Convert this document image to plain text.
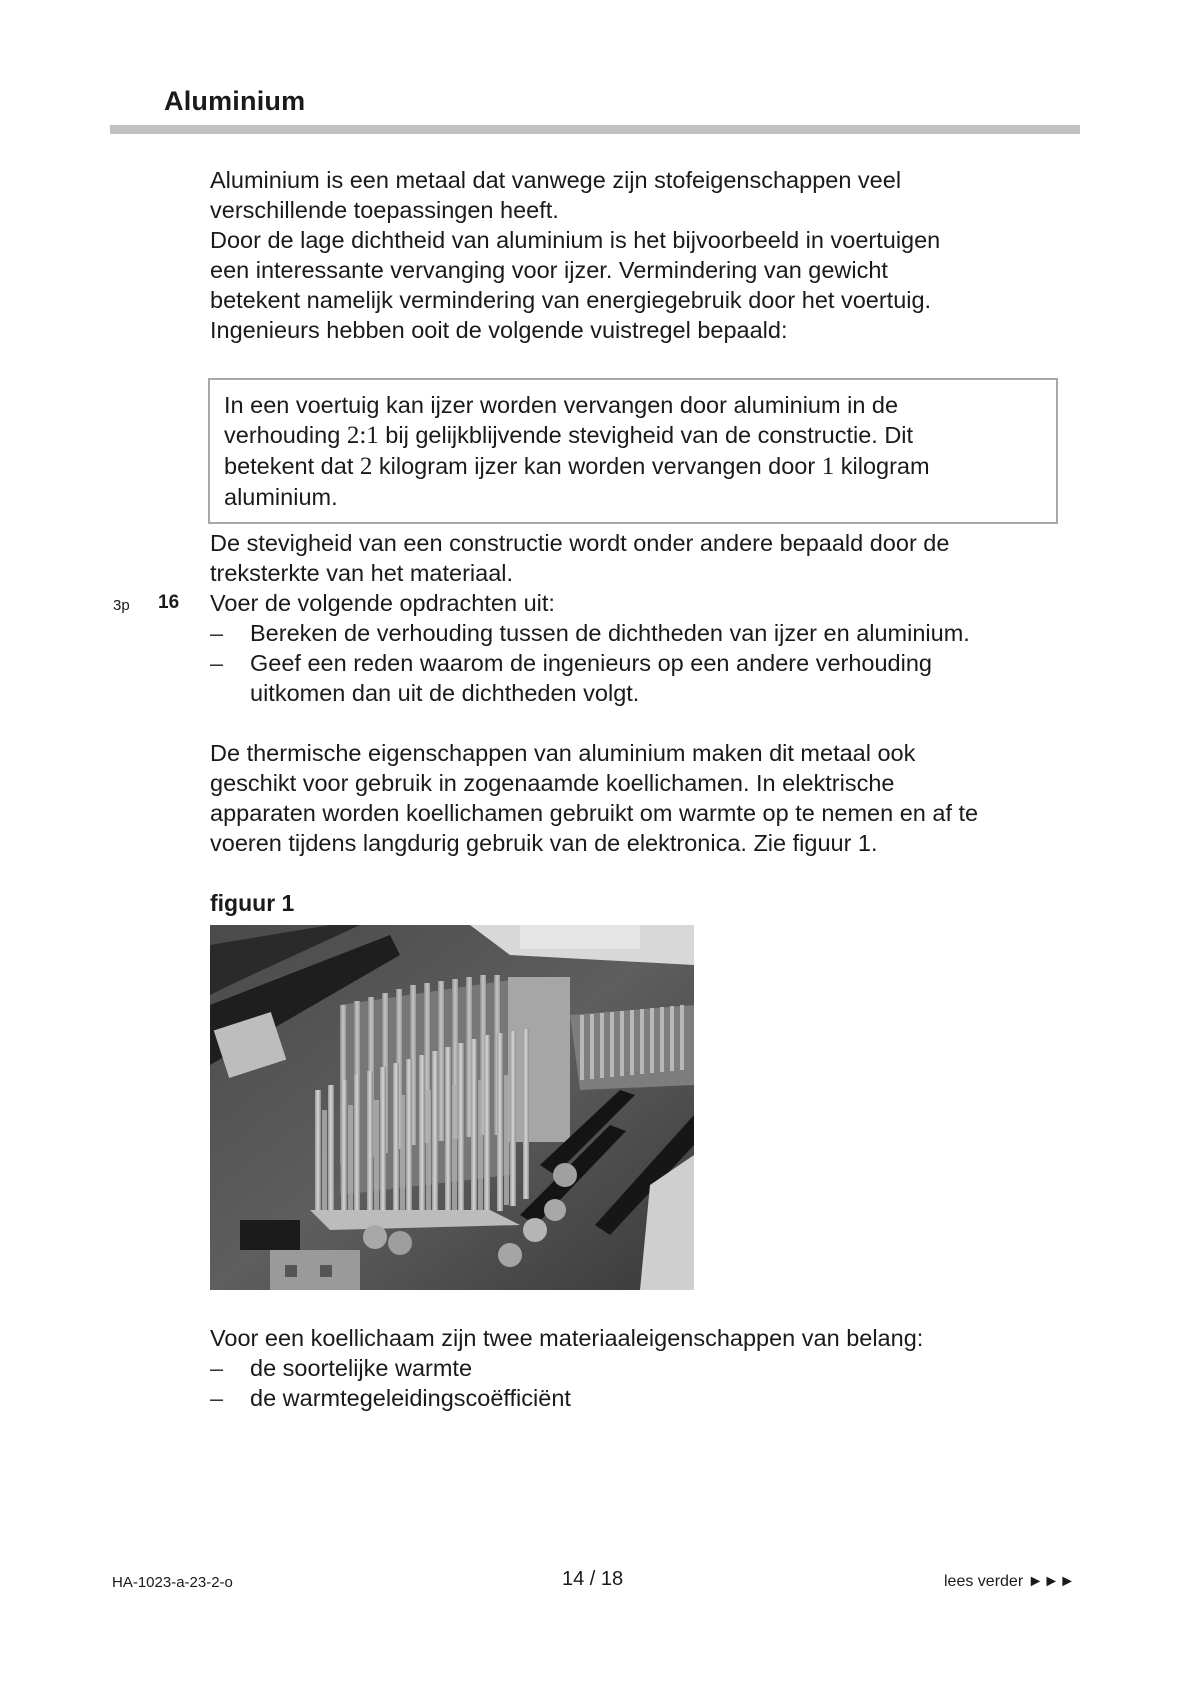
Aluminium

Aluminium is een metaal dat vanwege zijn stofeigenschappen veel

verschillende toepassingen heeft.

Door de lage dichtheid van aluminium is het bijvoorbeeld in voertuigen

een interessante vervanging voor ijzer. Vermindering van gewicht

betekent namelijk vermindering van energiegebruik door het voertuig.

Ingenieurs hebben ooit de volgende vuistregel bepaald:

In een voertuig kan ijzer worden vervangen door aluminium in de
verhouding 2:1 bij gelijkblijvende stevigheid van de constructie. Dit
betekent dat 2 kilogram ijzer kan worden vervangen door 1 kilogram
aluminium.

De stevigheid van een constructie wordt onder andere bepaald door de

treksterkte van het materiaal.

3p 16 Voer de volgende opdrachten uit:

– Bereken de verhouding tussen de dichtheden van ijzer en aluminium.
– Geef een reden waarom de ingenieurs op een andere verhouding
uitkomen dan uit de dichtheden volgt.

De thermische eigenschappen van aluminium maken dit metaal ook

geschikt voor gebruik in zogenaamde koellichamen. In elektrische

apparaten worden koellichamen gebruikt om warmte op te nemen en af te

voeren tijdens langdurig gebruik van de elektronica. Zie figuur 1.

figuur 1

Voor een koellichaam zijn twee materiaaleigenschappen van belang:

– de soortelijke warmte
– de warmtegeleidingscoëfficiënt
HA-1023-a-23-2-o	14 / 18	lees verder ►►►
